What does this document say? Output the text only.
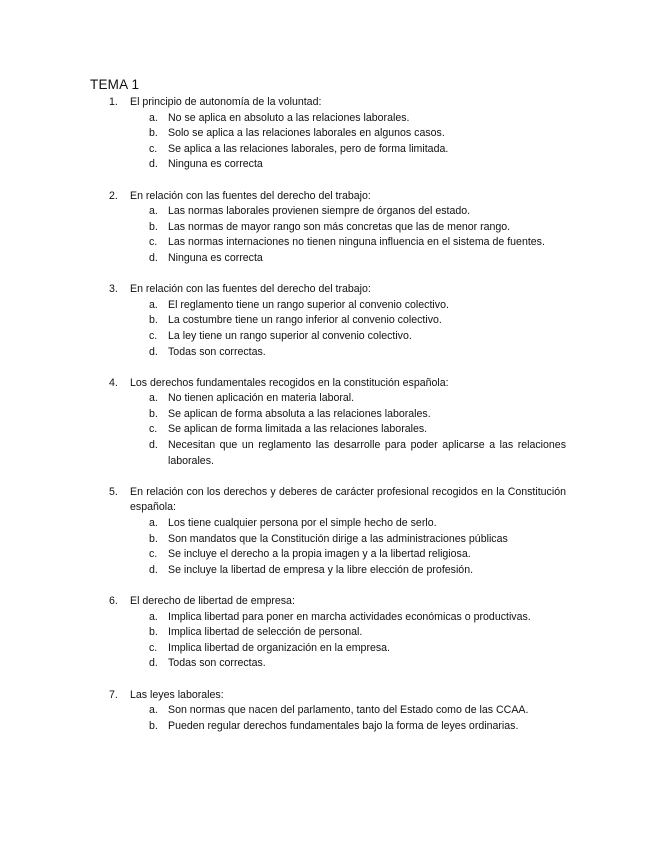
TEMA 1
1. El principio de autonomía de la voluntad:
a. No se aplica en absoluto a las relaciones laborales.
b. Solo se aplica a las relaciones laborales en algunos casos.
c. Se aplica a las relaciones laborales, pero de forma limitada.
d. Ninguna es correcta
2. En relación con las fuentes del derecho del trabajo:
a. Las normas laborales provienen siempre de órganos del estado.
b. Las normas de mayor rango son más concretas que las de menor rango.
c. Las normas internaciones no tienen ninguna influencia en el sistema de fuentes.
d. Ninguna es correcta
3. En relación con las fuentes del derecho del trabajo:
a. El reglamento tiene un rango superior al convenio colectivo.
b. La costumbre tiene un rango inferior al convenio colectivo.
c. La ley tiene un rango superior al convenio colectivo.
d. Todas son correctas.
4. Los derechos fundamentales recogidos en la constitución española:
a. No tienen aplicación en materia laboral.
b. Se aplican de forma absoluta a las relaciones laborales.
c. Se aplican de forma limitada a las relaciones laborales.
d. Necesitan que un reglamento las desarrolle para poder aplicarse a las relaciones laborales.
5. En relación con los derechos y deberes de carácter profesional recogidos en la Constitución española:
a. Los tiene cualquier persona por el simple hecho de serlo.
b. Son mandatos que la Constitución dirige a las administraciones públicas
c. Se incluye el derecho a la propia imagen y a la libertad religiosa.
d. Se incluye la libertad de empresa y la libre elección de profesión.
6. El derecho de libertad de empresa:
a. Implica libertad para poner en marcha actividades económicas o productivas.
b. Implica libertad de selección de personal.
c. Implica libertad de organización en la empresa.
d. Todas son correctas.
7. Las leyes laborales:
a. Son normas que nacen del parlamento, tanto del Estado como de las CCAA.
b. Pueden regular derechos fundamentales bajo la forma de leyes ordinarias.
